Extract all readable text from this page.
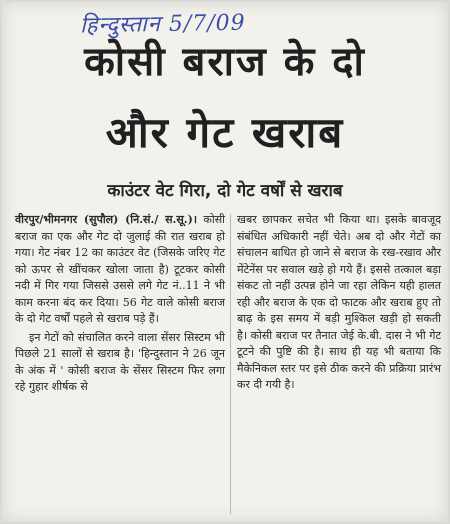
हिन्दुस्तान 5/7/09
कोसी बराज के दो
और गेट खराब
काउंटर वेट गिरा, दो गेट वर्षों से खराब

वीरपुर/भीमनगर (सुपौल) (नि.सं./ स.सू.)। कोसी बराज का एक और गेट दो जुलाई की रात खराब हो गया। गेट नंबर 12 का काउंटर वेट (जिसके जरिए गेट को ऊपर से खींचकर खोला जाता है) टूटकर कोसी नदी में गिर गया जिससे उससे लगे गेट नं..11 ने भी काम करना बंद कर दिया। 56 गेट वाले कोसी बराज के दो गेट वर्षों पहले से खराब पड़े हैं।

इन गेटों को संचालित करने वाला सेंसर सिस्टम भी पिछले 21 सालों से खराब है। 'हिन्दुस्तान ने 26 जून के अंक में ' कोसी बराज के सेंसर सिस्टम फिर लगा रहे गुहार शीर्षक से

खबर छापकर सचेत भी किया था। इसके बावजूद संबंधित अधिकारी नहीं चेते। अब दो और गेटों का संचालन बाधित हो जाने से बराज के रख-रखाव और मेंटेनेंस पर सवाल खड़े हो गये हैं। इससे तत्काल बड़ा संकट तो नहीं उत्पन्न होने जा रहा लेकिन यही हालत रही और बराज के एक दो फाटक और खराब हुए तो बाढ़ के इस समय में बड़ी मुश्किल खड़ी हो सकती है। कोसी बराज पर तैनात जेई के.बी. दास ने भी गेट टूटने की पुष्टि की है। साथ ही यह भी बताया कि मैकेनिकल स्तर पर इसे ठीक करने की प्रक्रिया प्रारंभ कर दी गयी है।
